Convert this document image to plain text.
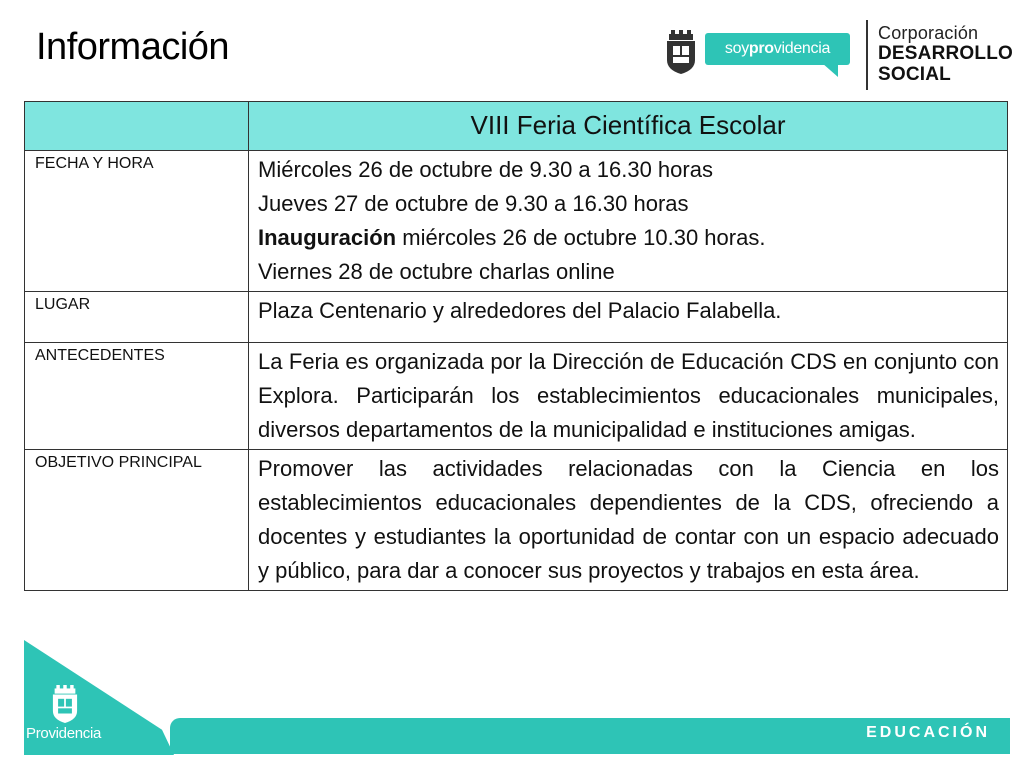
Información	soyprovidencia
Corporación
DESARROLLO
SOCIAL

	VIII Feria Científica Escolar

FECHA Y HORA	Miércoles 26 de octubre de 9.30 a 16.30 horas
Jueves 27 de octubre de 9.30 a 16.30 horas
Inauguración miércoles 26 de octubre 10.30 horas.
Viernes 28 de octubre charlas online

LUGAR	Plaza Centenario y alrededores del Palacio Falabella.

ANTECEDENTES	La Feria es organizada por la Dirección de Educación CDS en conjunto con Explora. Participarán los establecimientos educacionales municipales, diversos departamentos de la municipalidad e instituciones amigas.

OBJETIVO PRINCIPAL	Promover las actividades relacionadas con la Ciencia en los establecimientos educacionales dependientes de la CDS, ofreciendo a docentes y estudiantes la oportunidad de contar con un espacio adecuado y público, para dar a conocer sus proyectos y trabajos en esta área.
Providencia	EDUCACIÓN
